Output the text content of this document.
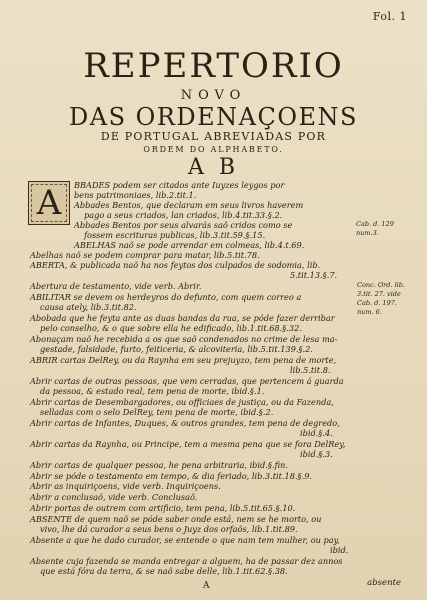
Fol. 1
REPERTORIO
NOVO
DAS ORDENAÇOENS
DE PORTUGAL ABREVIADAS POR
ORDEM DO ALPHABETO.
A B
A BBADES podem ser citados ante Iuyzes leygos por
bens patrimoniaes, lib.2.tit.1.
Abbades Bentos, que declaram em seus livros haverem
pago a seus criados, lan criados, lib.4.tit.33.§.2.
Abbades Bentos por seus alvarás saõ cridos como se
fossem escrituras publicas, lib.3.tit.59.§.15.
ABELHAS naõ se pode arrendar em colmeas, lib.4.t.69.
Abelhas naõ se podem comprar para matar, lib.5.tit.78.
ABERTA, & publicada naõ ha nos feytos dos culpados de sodomia, lib.
5.tit.13.§.7.
Abertura de testamento, vide verb. Abrir.
ABILITAR se devem os herdeyros do defunto, com quem correo a
causa ately, lib.3.tit.82.
Abobada que he feyta ante as duas bandas da rua, se póde fazer derribar
pelo conselho, & o que sobre ella he edificado, lib.1.tit.68.§.32.
Abonaçam naõ he recebida a os que saõ condenados no crime de lesa ma-
gestade, falsidade, furto, feiticeria, & alcoviteria, lib.5.tit.139.§.2.
ABRIR cartas DelRey, ou da Raynha em seu prejuyzo, tem pena de morte,
lib.5.tit.8.
Abrir cartas de outras pessoas, que vem cerradas, que pertencem á guarda
da pessoa, & estado real, tem pena de morte, ibid.§.1.
Abrir cartas de Desembargadores, ou officiaes de justiça, ou da Fazenda,
selladas com o selo DelRey, tem pena de morte, ibid.§.2.
Abrir cartas de Infantes, Duques, & outros grandes, tem pena de degredo,
ibid.§.4.
Abrir cartas da Raynha, ou Principe, tem a mesma pena que se fora DelRey,
ibid.§.3.
Abrir cartas de qualquer pessoa, he pena arbitraria, ibid.§.fin.
Abrir se póde o testamento em tempo, & dia feriado, lib.3.tit.18.§.9.
Abrir as inquiriçoens, vide verb. Inquiriçoens.
Abrir a conclusaõ, vide verb. Conclusaõ.
Abrir portas de outrem com artificio, tem pena, lib.5.tit.65.§.10.
ABSENTE de quem naõ se póde saber onde está, nem se he morto, ou
vivo, lhe dá curador a seus bens o Juyz dos orfaõs, lib.1.tit.89.
Absente a que he dado curador, se entende o que nam tem mulher, ou pay,
ibid.
Absente cuja fazenda se manda entregar a alguem, ha de passar dez annos
que está fóra da terra, & se naõ sabe delle, lib.1.tit.62.§.38.
Cab. d. 129
num.3.
Conc. Ord. lib.
3.tit. 27. vide
Cab. d. 197.
num. 6.
A	absente
